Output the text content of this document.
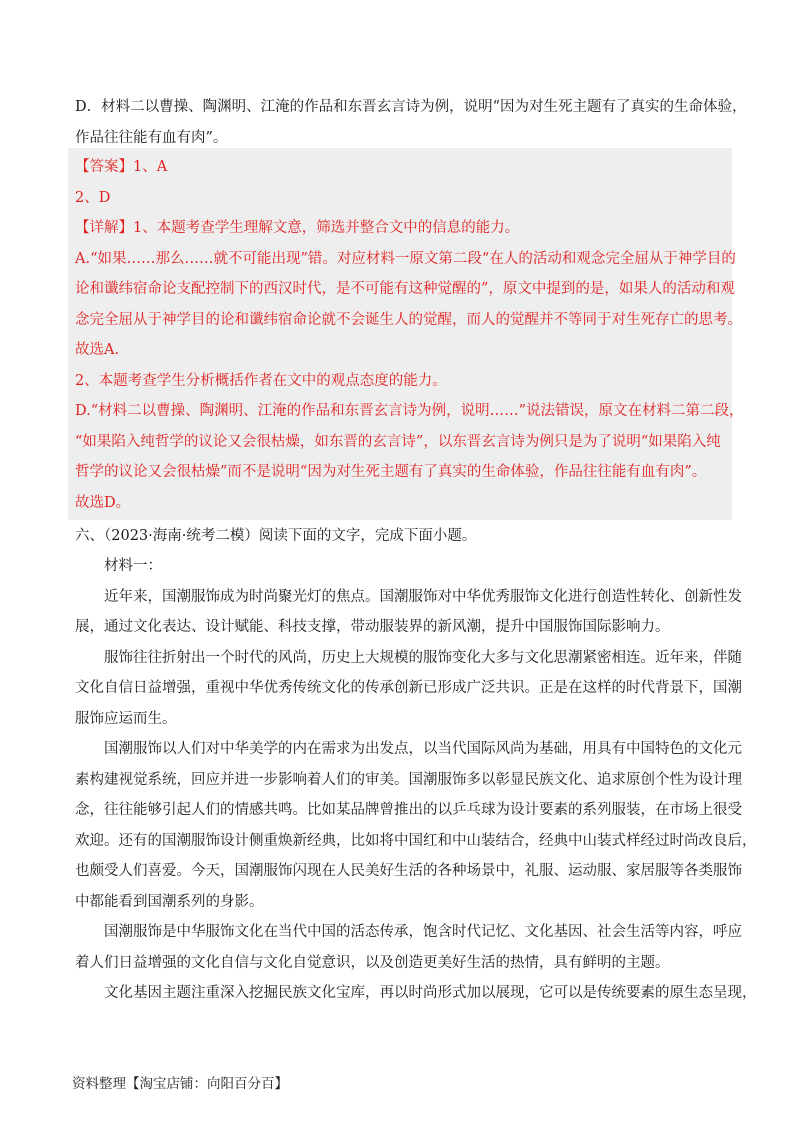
D．材料二以曹操、陶渊明、江淹的作品和东晋玄言诗为例，说明“因为对生死主题有了真实的生命体验，
作品往往能有血有肉”。
【答案】1、A
2、D
【详解】1、本题考查学生理解文意，筛选并整合文中的信息的能力。
A.“如果……那么……就不可能出现”错。对应材料一原文第二段“在人的活动和观念完全屈从于神学目的
论和谶纬宿命论支配控制下的西汉时代，是不可能有这种觉醒的”，原文中提到的是，如果人的活动和观
念完全屈从于神学目的论和谶纬宿命论就不会诞生人的觉醒，而人的觉醒并不等同于对生死存亡的思考。
故选A.
2、本题考查学生分析概括作者在文中的观点态度的能力。
D.“材料二以曹操、陶渊明、江淹的作品和东晋玄言诗为例，说明……”说法错误，原文在材料二第二段，
“如果陷入纯哲学的议论又会很枯燥，如东晋的玄言诗”，以东晋玄言诗为例只是为了说明“如果陷入纯
哲学的议论又会很枯燥”而不是说明“因为对生死主题有了真实的生命体验，作品往往能有血有肉”。
故选D。
六、（2023·海南·统考二模）阅读下面的文字，完成下面小题。
材料一：
近年来，国潮服饰成为时尚聚光灯的焦点。国潮服饰对中华优秀服饰文化进行创造性转化、创新性发
展，通过文化表达、设计赋能、科技支撑，带动服装界的新风潮，提升中国服饰国际影响力。
服饰往往折射出一个时代的风尚，历史上大规模的服饰变化大多与文化思潮紧密相连。近年来，伴随
文化自信日益增强，重视中华优秀传统文化的传承创新已形成广泛共识。正是在这样的时代背景下，国潮
服饰应运而生。
国潮服饰以人们对中华美学的内在需求为出发点，以当代国际风尚为基础，用具有中国特色的文化元
素构建视觉系统，回应并进一步影响着人们的审美。国潮服饰多以彰显民族文化、追求原创个性为设计理
念，往往能够引起人们的情感共鸣。比如某品牌曾推出的以乒乓球为设计要素的系列服装，在市场上很受
欢迎。还有的国潮服饰设计侧重焕新经典，比如将中国红和中山装结合，经典中山装式样经过时尚改良后，
也颇受人们喜爱。今天，国潮服饰闪现在人民美好生活的各种场景中，礼服、运动服、家居服等各类服饰
中都能看到国潮系列的身影。
国潮服饰是中华服饰文化在当代中国的活态传承，饱含时代记忆、文化基因、社会生活等内容，呼应
着人们日益增强的文化自信与文化自觉意识，以及创造更美好生活的热情，具有鲜明的主题。
文化基因主题注重深入挖掘民族文化宝库，再以时尚形式加以展现，它可以是传统要素的原生态呈现，
资料整理【淘宝店铺：向阳百分百】
